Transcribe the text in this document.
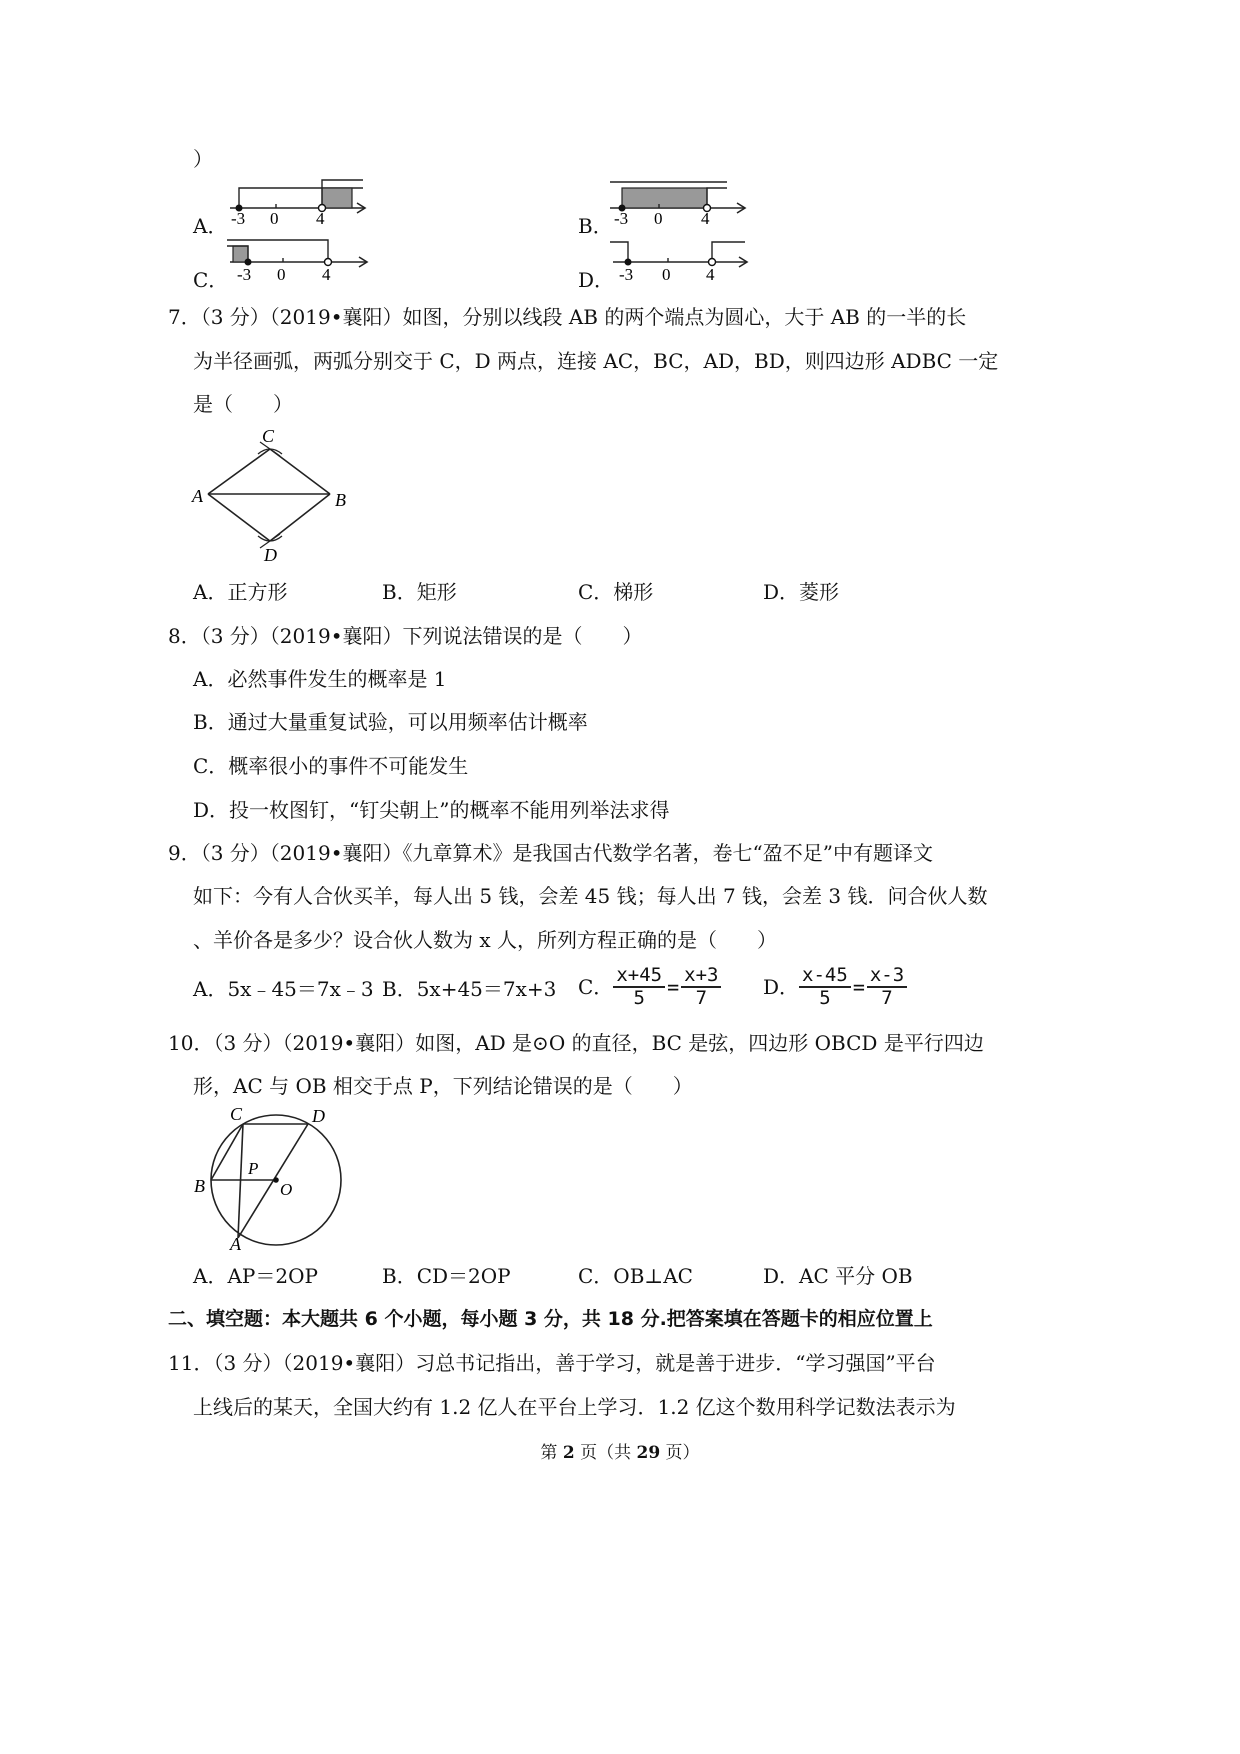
）
A． -3 0 4	B． -3 0 4
C． -3 0 4	D． -3 0 4
7．（3 分）（2019•襄阳）如图，分别以线段 AB 的两个端点为圆心，大于 AB 的一半的长
为半径画弧，两弧分别交于 C，D 两点，连接 AC，BC，AD，BD，则四边形 ADBC 一定
是（　　）
C
A	B
D
A．正方形	B．矩形	C．梯形	D．菱形
8．（3 分）（2019•襄阳）下列说法错误的是（　　）
A．必然事件发生的概率是 1
B．通过大量重复试验，可以用频率估计概率
C．概率很小的事件不可能发生
D．投一枚图钉，“钉尖朝上”的概率不能用列举法求得
9．（3 分）（2019•襄阳）《九章算术》是我国古代数学名著，卷七“盈不足”中有题译文
如下：今有人合伙买羊，每人出 5 钱，会差 45 钱；每人出 7 钱，会差 3 钱．问合伙人数
、羊价各是多少？设合伙人数为 x 人，所列方程正确的是（　　）
A．5x﹣45＝7x﹣3 B．5x+45＝7x+3 C． $\frac{x+45}{5} = \frac{x+3}{7}$ D． $\frac{x-45}{5} = \frac{x-3}{7}$
10．（3 分）（2019•襄阳）如图，AD 是⊙O 的直径，BC 是弦，四边形 OBCD 是平行四边
形，AC 与 OB 相交于点 P，下列结论错误的是（　　）
C	D
P
B	O
A
A．AP＝2OP	B．CD＝2OP	C．OB⊥AC	D．AC 平分 OB
二、填空题：本大题共 6 个小题，每小题 3 分，共 18 分.把答案填在答题卡的相应位置上
11．（3 分）（2019•襄阳）习总书记指出，善于学习，就是善于进步．“学习强国”平台
上线后的某天，全国大约有 1.2 亿人在平台上学习．1.2 亿这个数用科学记数法表示为
第 2 页（共 29 页）
